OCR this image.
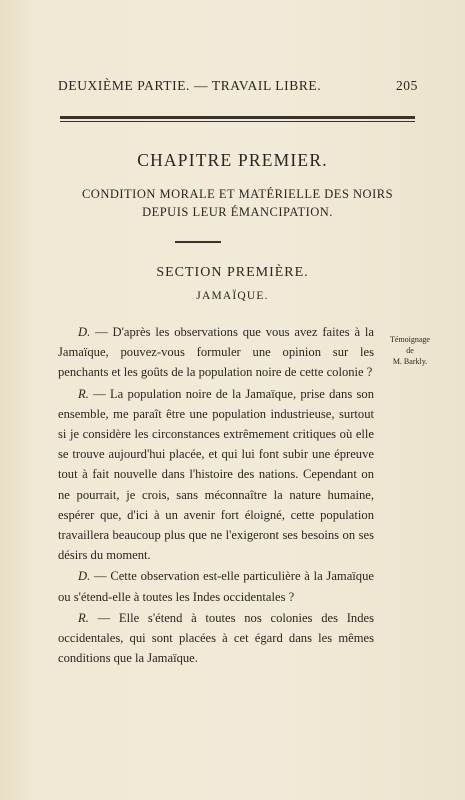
DEUXIÈME PARTIE. — TRAVAIL LIBRE.	205
CHAPITRE PREMIER.
CONDITION MORALE ET MATÉRIELLE DES NOIRS
DEPUIS LEUR ÉMANCIPATION.
SECTION PREMIÈRE.
JAMAÏQUE.

D. — D'après les observations que vous avez faites à la Jamaïque, pouvez-vous formuler une opinion sur les penchants et les goûts de la population noire de cette colonie ?

R. — La population noire de la Jamaïque, prise dans son ensemble, me paraît être une population industrieuse, surtout si je considère les circonstances extrêmement critiques où elle se trouve aujourd'hui placée, et qui lui font subir une épreuve tout à fait nouvelle dans l'histoire des nations. Cependant on ne pourrait, je crois, sans méconnaître la nature humaine, espérer que, d'ici à un avenir fort éloigné, cette population travaillera beaucoup plus que ne l'exigeront ses besoins on ses désirs du moment.

D. — Cette observation est-elle particulière à la Jamaïque ou s'étend-elle à toutes les Indes occidentales ?

R. — Elle s'étend à toutes nos colonies des Indes occidentales, qui sont placées à cet égard dans les mêmes conditions que la Jamaïque.

Témoignage
de
M. Barkly.
